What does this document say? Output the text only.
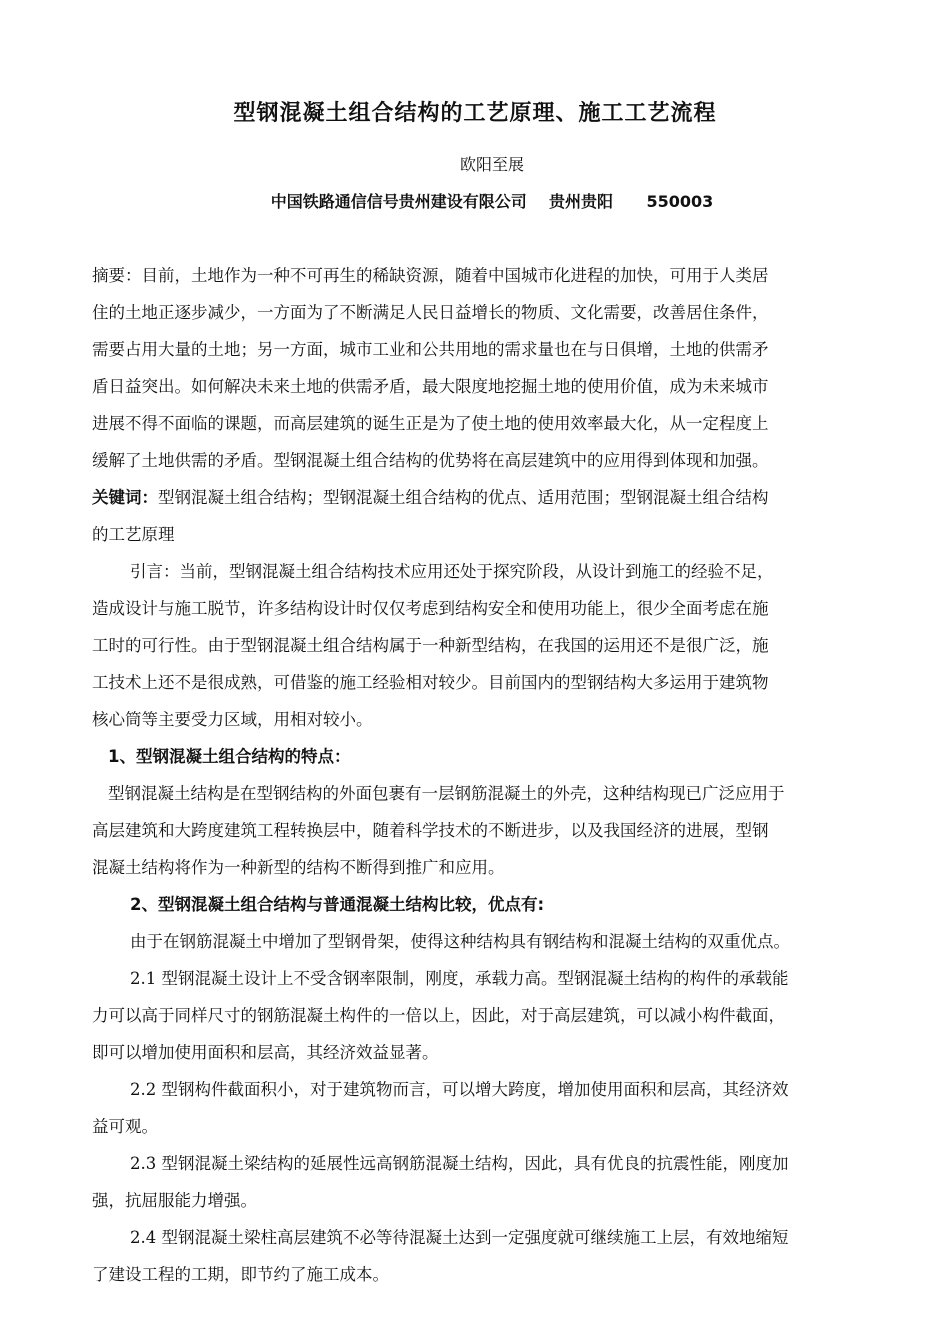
型钢混凝土组合结构的工艺原理、施工工艺流程
欧阳至展
中国铁路通信信号贵州建设有限公司    贵州贵阳      550003
摘要：目前，土地作为一种不可再生的稀缺资源，随着中国城市化进程的加快，可用于人类居
住的土地正逐步减少，一方面为了不断满足人民日益增长的物质、文化需要，改善居住条件，
需要占用大量的土地；另一方面，城市工业和公共用地的需求量也在与日俱增，土地的供需矛
盾日益突出。如何解决未来土地的供需矛盾，最大限度地挖掘土地的使用价值，成为未来城市
进展不得不面临的课题，而高层建筑的诞生正是为了使土地的使用效率最大化，从一定程度上
缓解了土地供需的矛盾。型钢混凝土组合结构的优势将在高层建筑中的应用得到体现和加强。
关键词：型钢混凝土组合结构；型钢混凝土组合结构的优点、适用范围；型钢混凝土组合结构
的工艺原理
引言：当前，型钢混凝土组合结构技术应用还处于探究阶段，从设计到施工的经验不足，
造成设计与施工脱节，许多结构设计时仅仅考虑到结构安全和使用功能上，很少全面考虑在施
工时的可行性。由于型钢混凝土组合结构属于一种新型结构，在我国的运用还不是很广泛，施
工技术上还不是很成熟，可借鉴的施工经验相对较少。目前国内的型钢结构大多运用于建筑物
核心筒等主要受力区域，用相对较小。
1、型钢混凝土组合结构的特点：
型钢混凝土结构是在型钢结构的外面包裹有一层钢筋混凝土的外壳，这种结构现已广泛应用于
高层建筑和大跨度建筑工程转换层中，随着科学技术的不断进步，以及我国经济的进展，型钢
混凝土结构将作为一种新型的结构不断得到推广和应用。
2、型钢混凝土组合结构与普通混凝土结构比较，优点有:
由于在钢筋混凝土中增加了型钢骨架，使得这种结构具有钢结构和混凝土结构的双重优点。
2.1 型钢混凝土设计上不受含钢率限制，刚度，承载力高。型钢混凝土结构的构件的承载能
力可以高于同样尺寸的钢筋混凝土构件的一倍以上，因此，对于高层建筑，可以减小构件截面，
即可以增加使用面积和层高，其经济效益显著。
2.2 型钢构件截面积小，对于建筑物而言，可以增大跨度，增加使用面积和层高，其经济效
益可观。
2.3 型钢混凝土梁结构的延展性远高钢筋混凝土结构，因此，具有优良的抗震性能，刚度加
强，抗屈服能力增强。
2.4 型钢混凝土梁柱高层建筑不必等待混凝土达到一定强度就可继续施工上层，有效地缩短
了建设工程的工期，即节约了施工成本。
